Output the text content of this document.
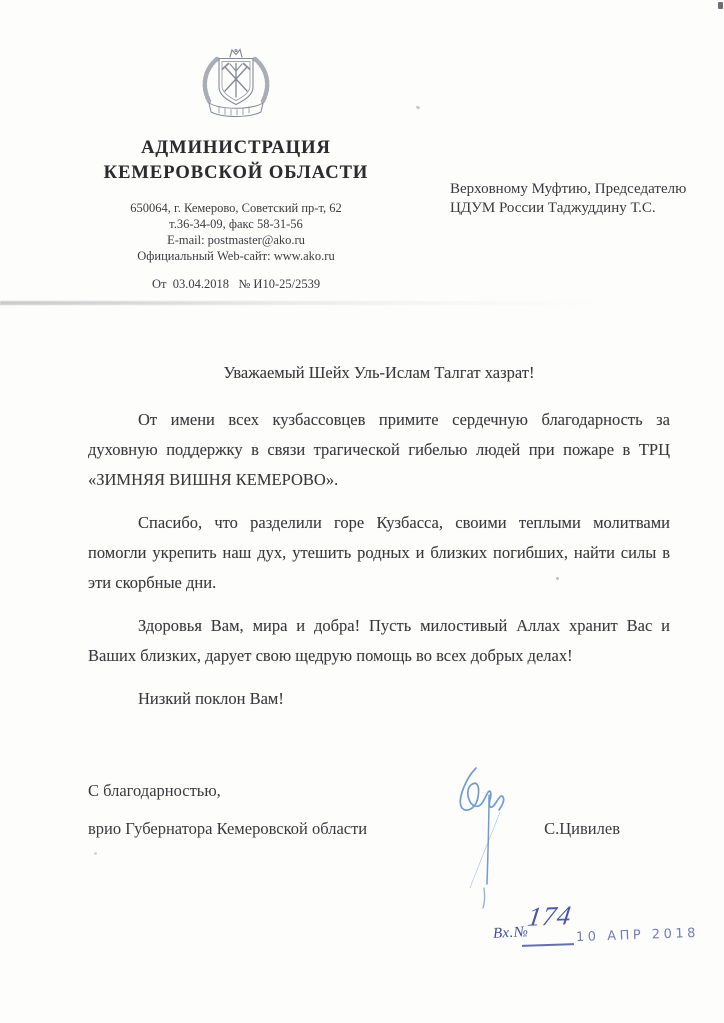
АДМИНИСТРАЦИЯ
КЕМЕРОВСКОЙ ОБЛАСТИ
650064, г. Кемерово, Советский пр-т, 62
т.36-34-09, факс 58-31-56
E-mail: postmaster@ako.ru
Официальный Web-сайт: www.ako.ru
От  03.04.2018   № И10-25/2539
Верховному Муфтию, Председателю
ЦДУМ России Таджуддину Т.С.
Уважаемый Шейх Уль-Ислам Талгат хазрат!

От имени всех кузбассовцев примите сердечную благодарность за духовную поддержку в связи трагической гибелью людей при пожаре в ТРЦ «ЗИМНЯЯ ВИШНЯ КЕМЕРОВО».

Спасибо, что разделили горе Кузбасса, своими теплыми молитвами помогли укрепить наш дух, утешить родных и близких погибших, найти силы в эти скорбные дни.

Здоровья Вам, мира и добра! Пусть милостивый Аллах хранит Вас и Ваших близких, дарует свою щедрую помощь во всех добрых делах!

Низкий поклон Вам!

С благодарностью,
врио Губернатора Кемеровской области	С.Цивилев
Вх.№
174
10 АПР 2018
